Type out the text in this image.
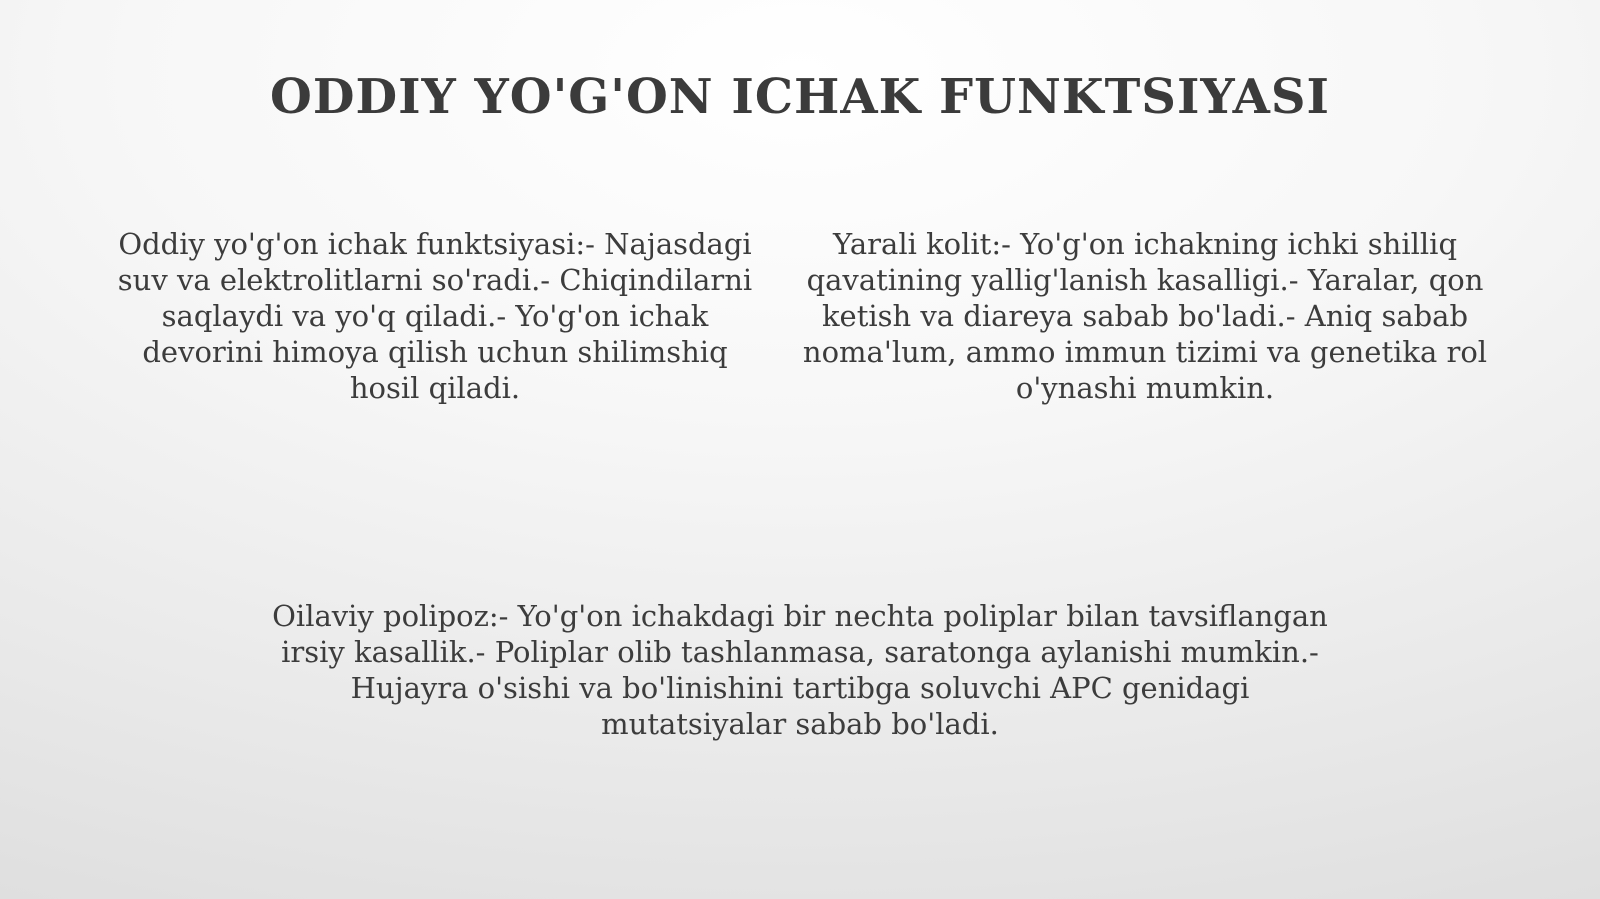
ODDIY YO'G'ON ICHAK FUNKTSIYASI

Oddiy yo'g'on ichak funktsiyasi:- Najasdagi suv va elektrolitlarni so'radi.- Chiqindilarni saqlaydi va yo'q qiladi.- Yo'g'on ichak devorini himoya qilish uchun shilimshiq hosil qiladi.

Yarali kolit:- Yo'g'on ichakning ichki shilliq qavatining yallig'lanish kasalligi.- Yaralar, qon ketish va diareya sabab bo'ladi.- Aniq sabab noma'lum, ammo immun tizimi va genetika rol o'ynashi mumkin.

Oilaviy polipoz:- Yo'g'on ichakdagi bir nechta poliplar bilan tavsiflangan irsiy kasallik.- Poliplar olib tashlanmasa, saratonga aylanishi mumkin.- Hujayra o'sishi va bo'linishini tartibga soluvchi APC genidagi mutatsiyalar sabab bo'ladi.
